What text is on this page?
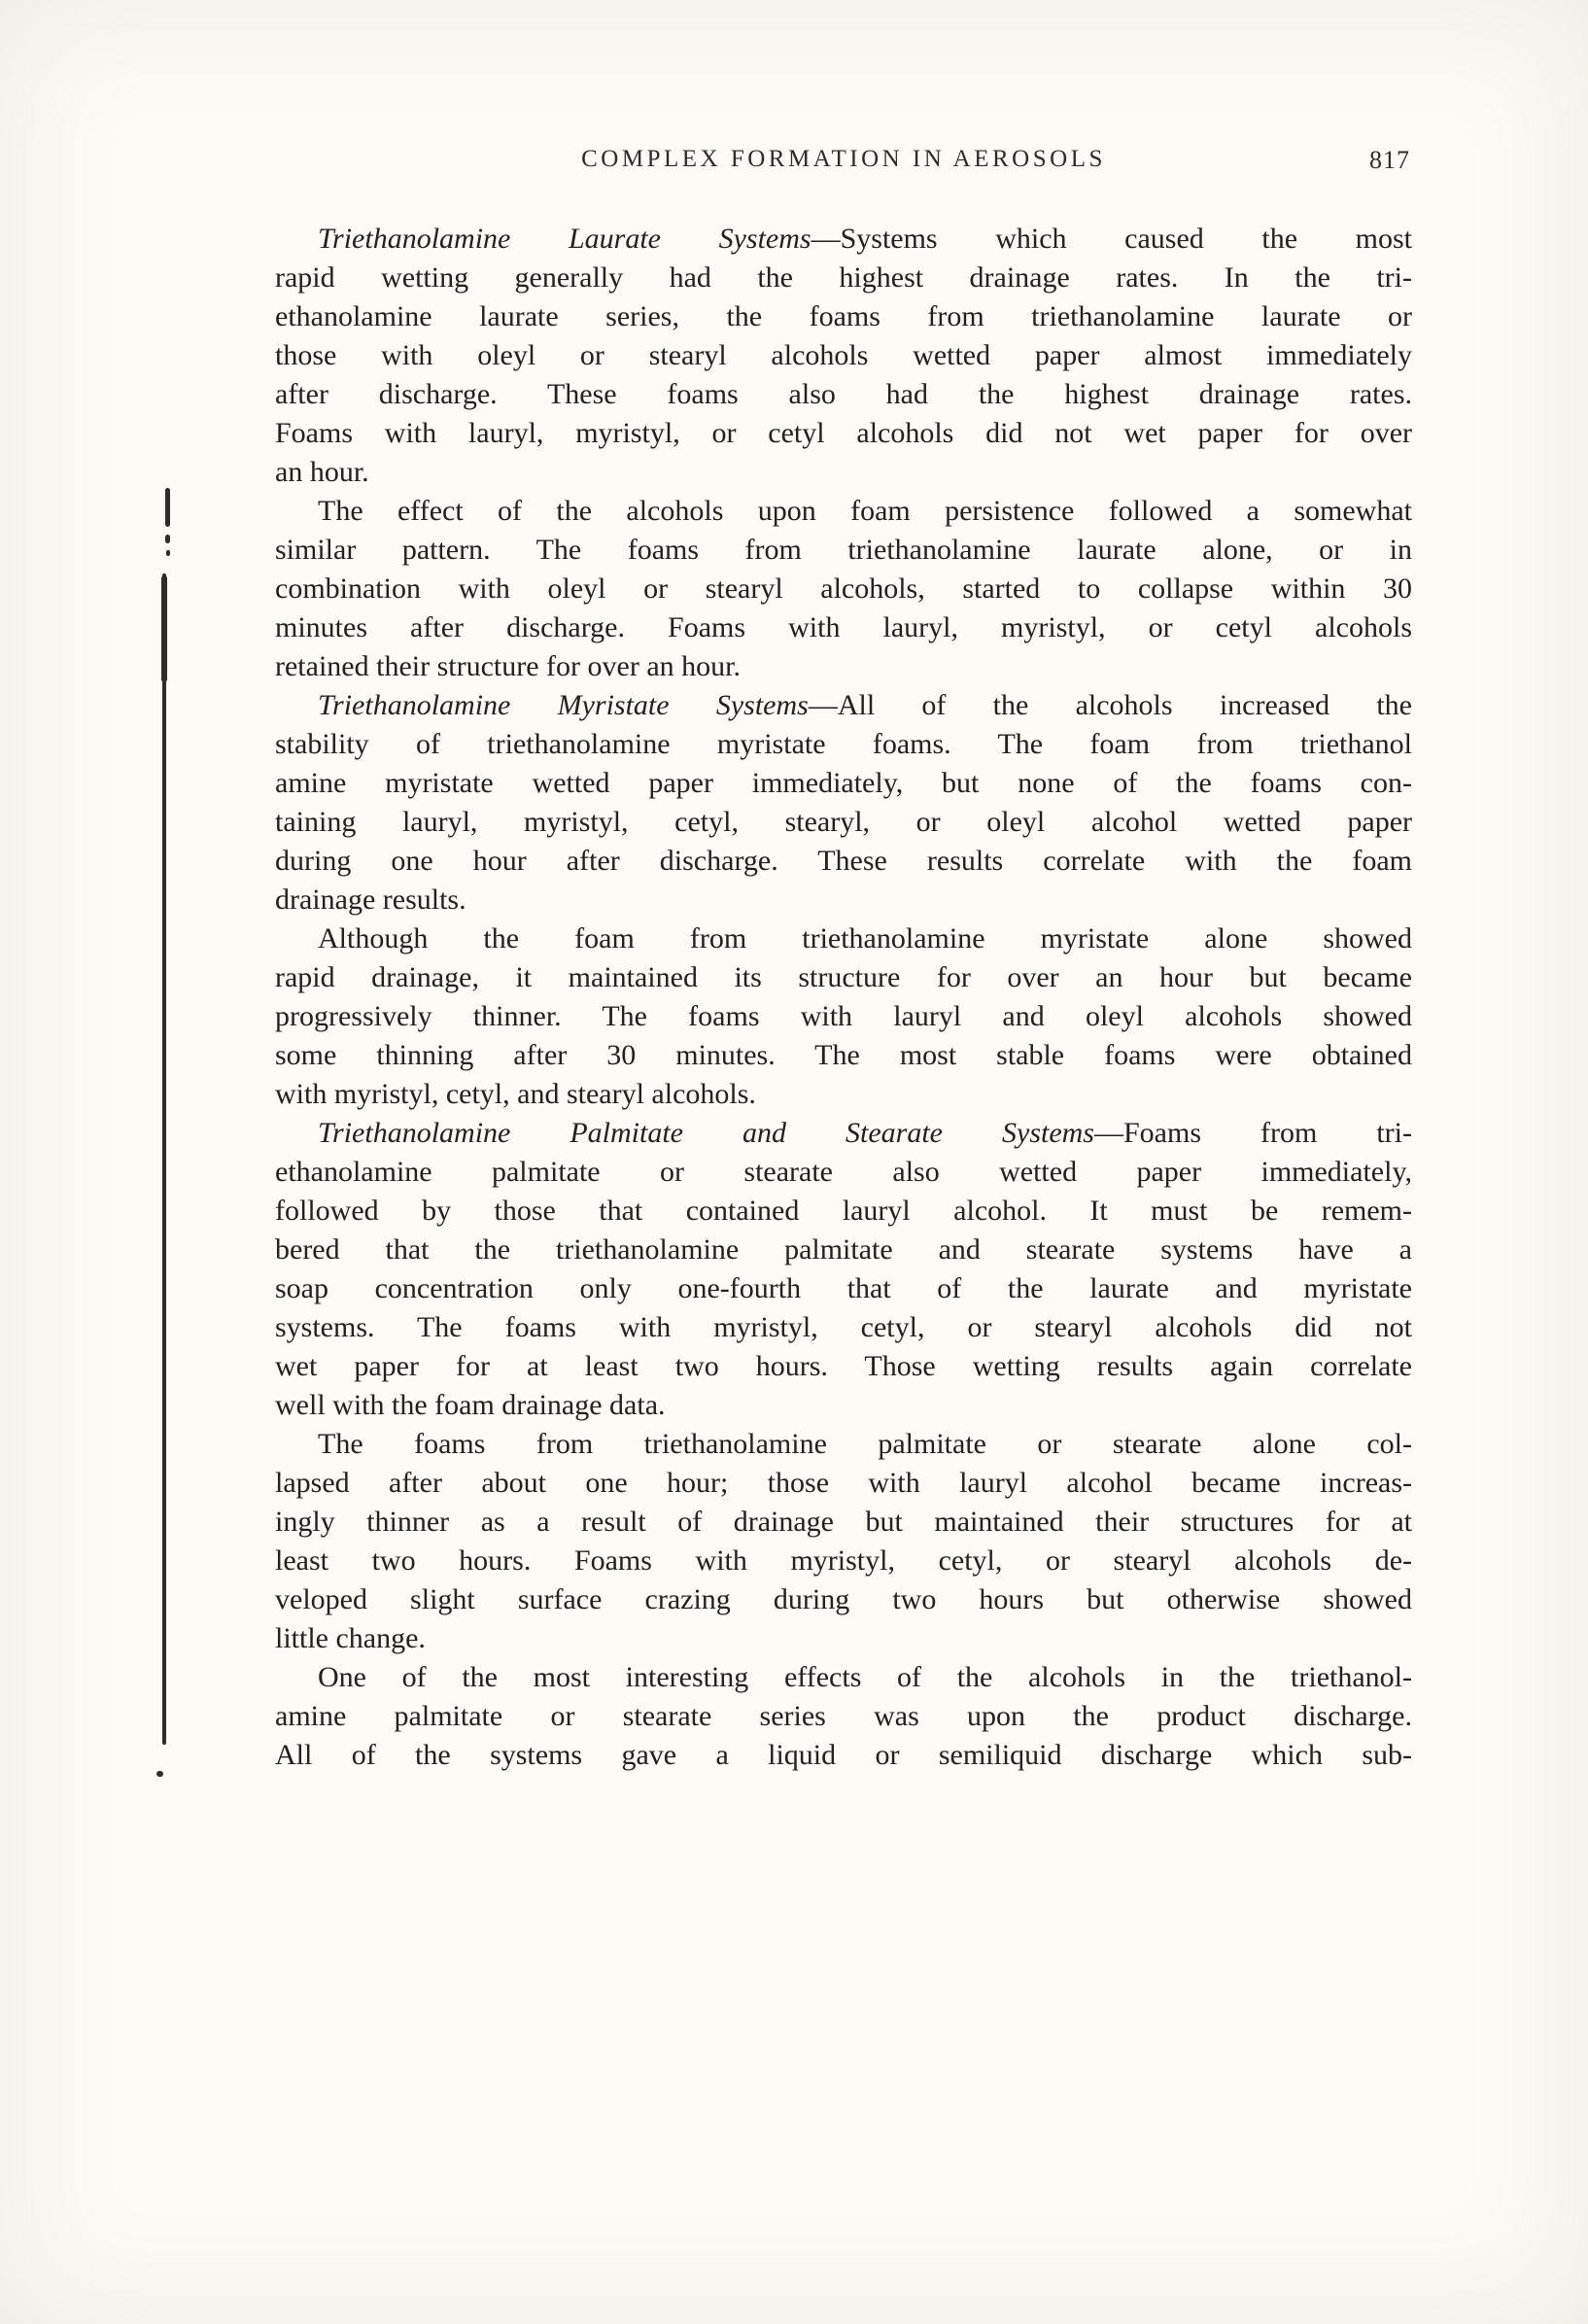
COMPLEX FORMATION IN AEROSOLS	817

Triethanolamine Laurate Systems—Systems which caused the most
rapid wetting generally had the highest drainage rates. In the tri-
ethanolamine laurate series, the foams from triethanolamine laurate or
those with oleyl or stearyl alcohols wetted paper almost immediately
after discharge. These foams also had the highest drainage rates.
Foams with lauryl, myristyl, or cetyl alcohols did not wet paper for over
an hour.

The effect of the alcohols upon foam persistence followed a somewhat
similar pattern. The foams from triethanolamine laurate alone, or in
combination with oleyl or stearyl alcohols, started to collapse within 30
minutes after discharge. Foams with lauryl, myristyl, or cetyl alcohols
retained their structure for over an hour.

Triethanolamine Myristate Systems—All of the alcohols increased the
stability of triethanolamine myristate foams. The foam from triethanol
amine myristate wetted paper immediately, but none of the foams con-
taining lauryl, myristyl, cetyl, stearyl, or oleyl alcohol wetted paper
during one hour after discharge. These results correlate with the foam
drainage results.

Although the foam from triethanolamine myristate alone showed
rapid drainage, it maintained its structure for over an hour but became
progressively thinner. The foams with lauryl and oleyl alcohols showed
some thinning after 30 minutes. The most stable foams were obtained
with myristyl, cetyl, and stearyl alcohols.

Triethanolamine Palmitate and Stearate Systems—Foams from tri-
ethanolamine palmitate or stearate also wetted paper immediately,
followed by those that contained lauryl alcohol. It must be remem-
bered that the triethanolamine palmitate and stearate systems have a
soap concentration only one-fourth that of the laurate and myristate
systems. The foams with myristyl, cetyl, or stearyl alcohols did not
wet paper for at least two hours. Those wetting results again correlate
well with the foam drainage data.

The foams from triethanolamine palmitate or stearate alone col-
lapsed after about one hour; those with lauryl alcohol became increas-
ingly thinner as a result of drainage but maintained their structures for at
least two hours. Foams with myristyl, cetyl, or stearyl alcohols de-
veloped slight surface crazing during two hours but otherwise showed
little change.

One of the most interesting effects of the alcohols in the triethanol-
amine palmitate or stearate series was upon the product discharge.
All of the systems gave a liquid or semiliquid discharge which sub-
